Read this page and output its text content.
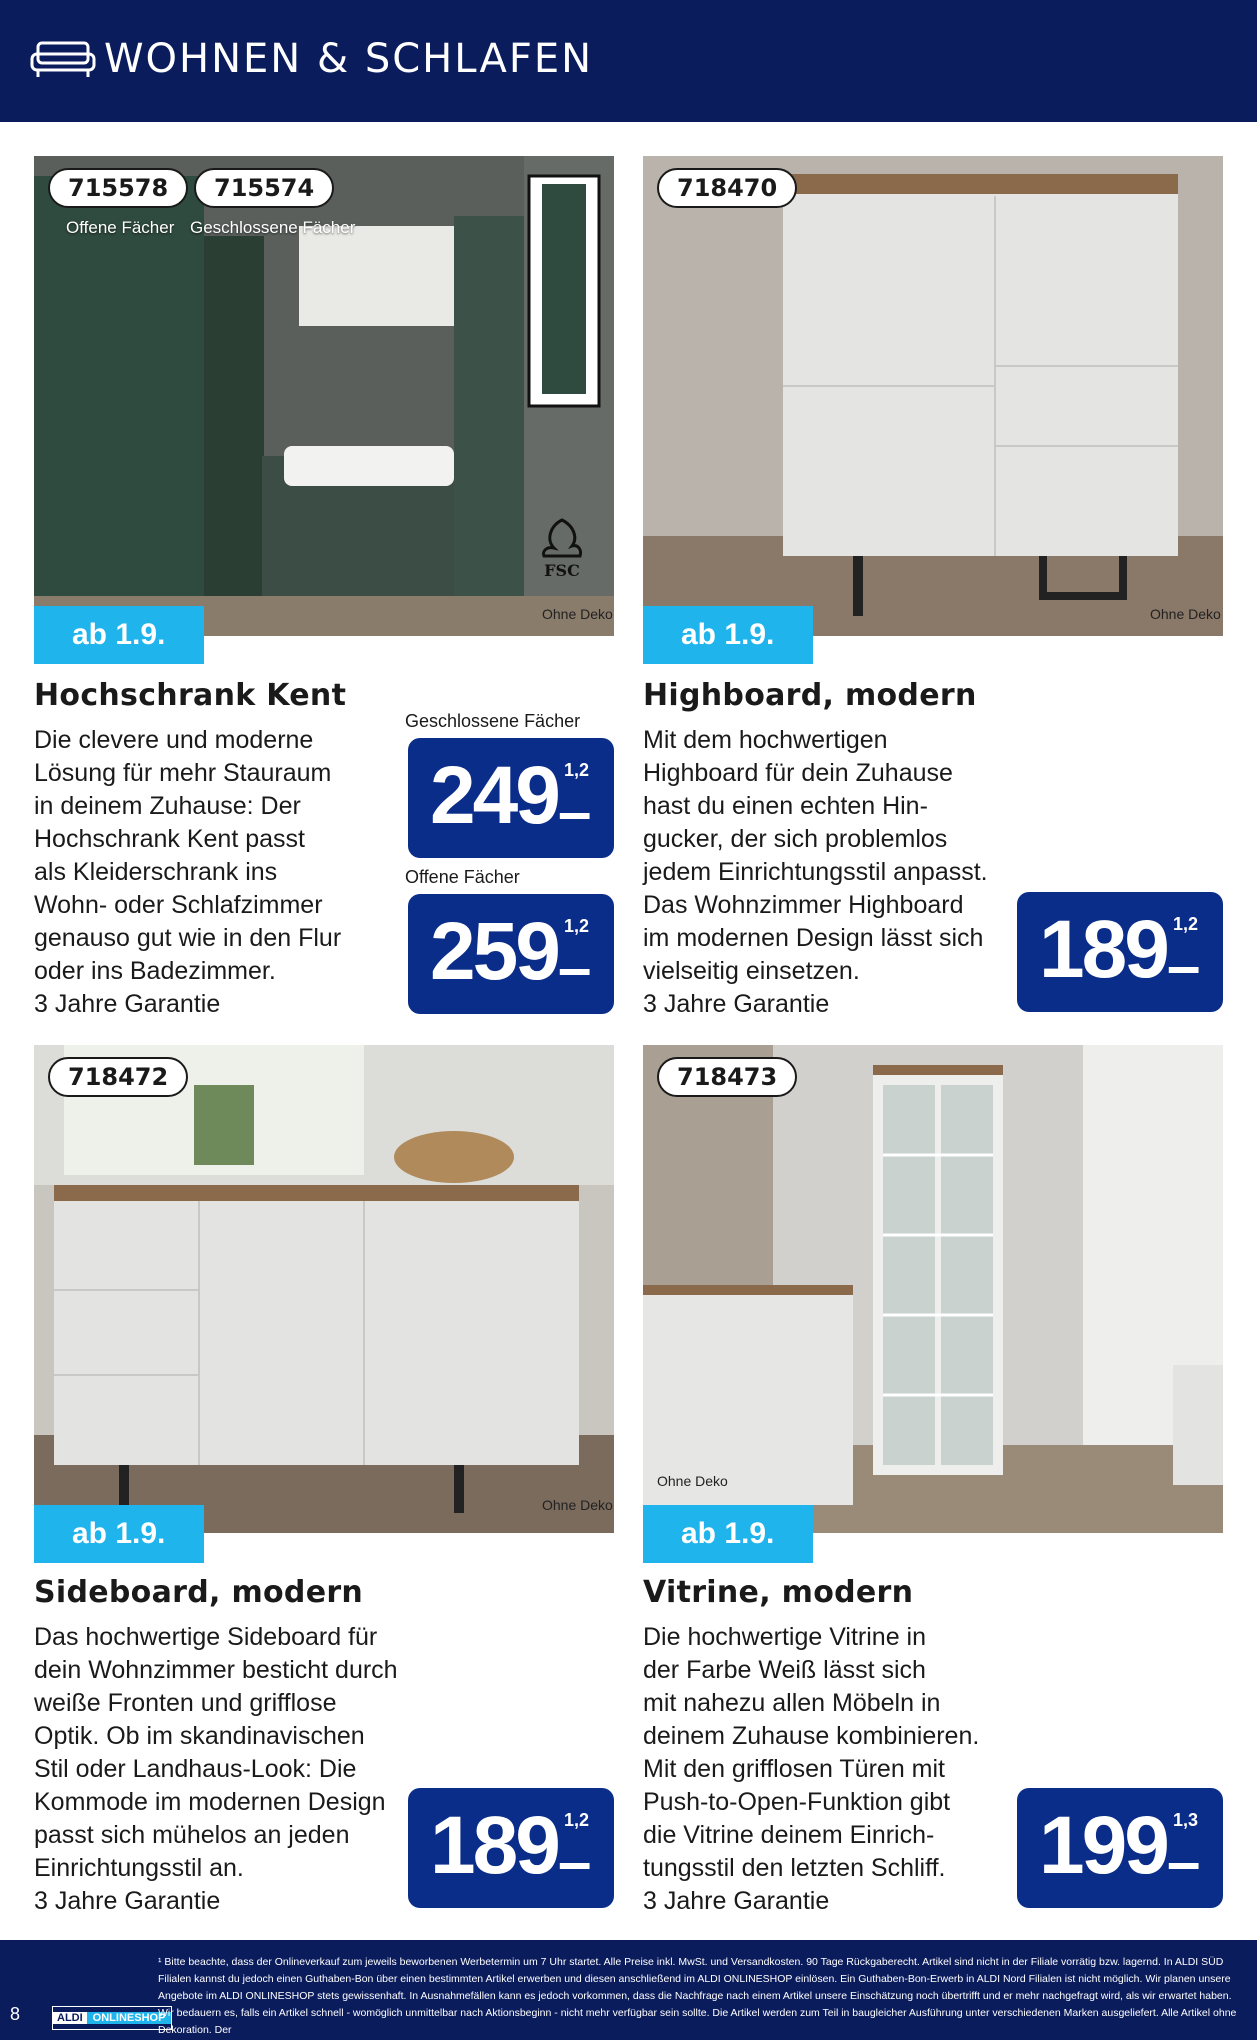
WOHNEN & SCHLAFEN
715578	715574
Offene Fächer Geschlossene Fächer
FSC
Ohne Deko
ab 1.9.
Hochschrank Kent
Die clevere und moderne
Lösung für mehr Stauraum
in deinem Zuhause: Der
Hochschrank Kent passt
als Kleiderschrank ins
Wohn- oder Schlafzimmer
genauso gut wie in den Flur
oder ins Badezimmer.
3 Jahre Garantie
Geschlossene Fächer
249 –
1,2
Offene Fächer
259 –
1,2
718470
Ohne Deko
ab 1.9.
Highboard, modern
Mit dem hochwertigen
Highboard für dein Zuhause
hast du einen echten Hin-
gucker, der sich problemlos
jedem Einrichtungsstil anpasst.
Das Wohnzimmer Highboard
im modernen Design lässt sich
vielseitig einsetzen.
3 Jahre Garantie
189 –
1,2
718472
Ohne Deko
ab 1.9.
Sideboard, modern
Das hochwertige Sideboard für
dein Wohnzimmer besticht durch
weiße Fronten und grifflose
Optik. Ob im skandinavischen
Stil oder Landhaus-Look: Die
Kommode im modernen Design
passt sich mühelos an jeden
Einrichtungsstil an.
3 Jahre Garantie
189 –
1,2
718473
Ohne Deko
ab 1.9.
Vitrine, modern
Die hochwertige Vitrine in
der Farbe Weiß lässt sich
mit nahezu allen Möbeln in
deinem Zuhause kombinieren.
Mit den grifflosen Türen mit
Push-to-Open-Funktion gibt
die Vitrine deinem Einrich-
tungsstil den letzten Schliff.
3 Jahre Garantie
199 –
1,3
8	ALDI ONLINESHOP
¹ Bitte beachte, dass der Onlineverkauf zum jeweils beworbenen Werbetermin um 7 Uhr startet. Alle Preise inkl. MwSt. und Versandkosten. 90 Tage Rückgaberecht. Artikel sind nicht in der Filiale vorrätig bzw. lagernd. In ALDI SÜD Filialen kannst du jedoch einen Guthaben-Bon über einen bestimmten Artikel erwerben und diesen anschließend im ALDI ONLINESHOP einlösen. Ein Guthaben-Bon-Erwerb in ALDI Nord Filialen ist nicht möglich. Wir planen unsere Angebote im ALDI ONLINESHOP stets gewissenhaft. In Ausnahmefällen kann es jedoch vorkommen, dass die Nachfrage nach einem Artikel unsere Einschätzung noch übertrifft und er mehr nachgefragt wird, als wir erwartet haben. Wir bedauern es, falls ein Artikel schnell - womöglich unmittelbar nach Aktionsbeginn - nicht mehr verfügbar sein sollte. Die Artikel werden zum Teil in baugleicher Ausführung unter verschiedenen Marken ausgeliefert. Alle Artikel ohne Dekoration. Der
